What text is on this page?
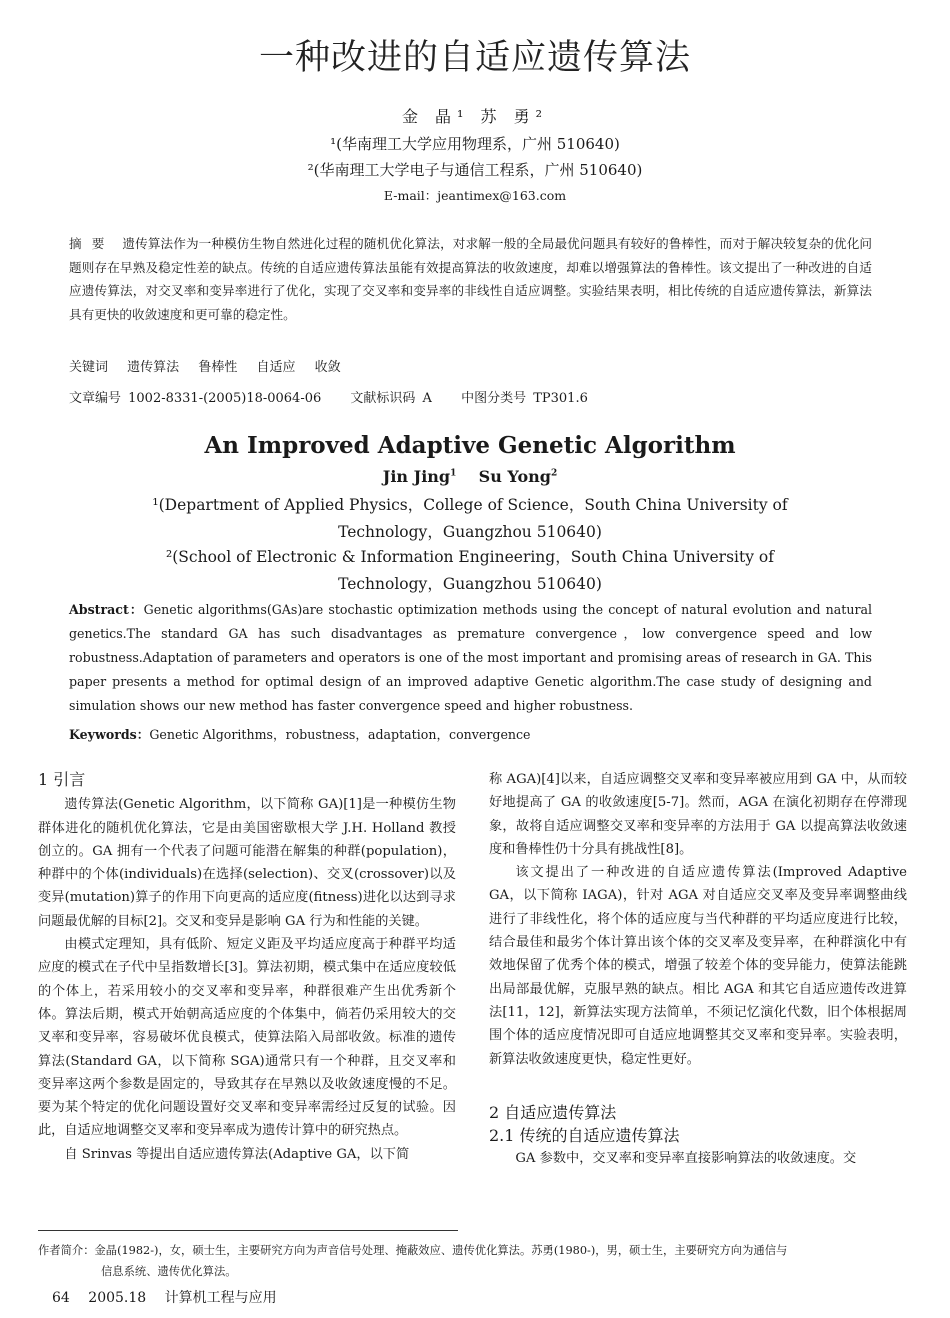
一种改进的自适应遗传算法
金 晶¹ 苏 勇²
¹(华南理工大学应用物理系，广州 510640)
²(华南理工大学电子与通信工程系，广州 510640)
E-mail：jeantimex@163.com
摘要 遗传算法作为一种模仿生物自然进化过程的随机优化算法，对求解一般的全局最优问题具有较好的鲁棒性，而对于解决较复杂的优化问题则存在早熟及稳定性差的缺点。传统的自适应遗传算法虽能有效提高算法的收敛速度，却难以增强算法的鲁棒性。该文提出了一种改进的自适应遗传算法，对交叉率和变异率进行了优化，实现了交叉率和变异率的非线性自适应调整。实验结果表明，相比传统的自适应遗传算法，新算法具有更快的收敛速度和更可靠的稳定性。
关键词 遗传算法 鲁棒性 自适应 收敛
文章编号 1002-8331-(2005)18-0064-06 文献标识码 A 中图分类号 TP301.6
An Improved Adaptive Genetic Algorithm
Jin Jing$^1$ Su Yong$^2$
¹(Department of Applied Physics，College of Science，South China University of Technology，Guangzhou 510640)
²(School of Electronic & Information Engineering，South China University of Technology，Guangzhou 510640)
Abstract：Genetic algorithms(GAs)are stochastic optimization methods using the concept of natural evolution and natural genetics.The standard GA has such disadvantages as premature convergence，low convergence speed and low robustness.Adaptation of parameters and operators is one of the most important and promising areas of research in GA. This paper presents a method for optimal design of an improved adaptive Genetic algorithm.The case study of designing and simulation shows our new method has faster convergence speed and higher robustness.
Keywords：Genetic Algorithms，robustness，adaptation，convergence
1 引言

遗传算法(Genetic Algorithm，以下简称 GA)[1]是一种模仿生物群体进化的随机优化算法，它是由美国密歇根大学 J.H. Holland 教授创立的。GA 拥有一个代表了问题可能潜在解集的种群(population)，种群中的个体(individuals)在选择(selection)、交叉(crossover)以及变异(mutation)算子的作用下向更高的适应度(fitness)进化以达到寻求问题最优解的目标[2]。交叉和变异是影响 GA 行为和性能的关键。

由模式定理知，具有低阶、短定义距及平均适应度高于种群平均适应度的模式在子代中呈指数增长[3]。算法初期，模式集中在适应度较低的个体上，若采用较小的交叉率和变异率，种群很难产生出优秀新个体。算法后期，模式开始朝高适应度的个体集中，倘若仍采用较大的交叉率和变异率，容易破坏优良模式，使算法陷入局部收敛。标准的遗传算法(Standard GA，以下简称 SGA)通常只有一个种群，且交叉率和变异率这两个参数是固定的，导致其存在早熟以及收敛速度慢的不足。要为某个特定的优化问题设置好交叉率和变异率需经过反复的试验。因此，自适应地调整交叉率和变异率成为遗传计算中的研究热点。

自 Srinvas 等提出自适应遗传算法(Adaptive GA，以下简

称 AGA)[4]以来，自适应调整交叉率和变异率被应用到 GA 中，从而较好地提高了 GA 的收敛速度[5-7]。然而，AGA 在演化初期存在停滞现象，故将自适应调整交叉率和变异率的方法用于 GA 以提高算法收敛速度和鲁棒性仍十分具有挑战性[8]。

该文提出了一种改进的自适应遗传算法(Improved Adaptive GA，以下简称 IAGA)，针对 AGA 对自适应交叉率及变异率调整曲线进行了非线性化，将个体的适应度与当代种群的平均适应度进行比较，结合最佳和最劣个体计算出该个体的交叉率及变异率，在种群演化中有效地保留了优秀个体的模式，增强了较差个体的变异能力，使算法能跳出局部最优解，克服早熟的缺点。相比 AGA 和其它自适应遗传改进算法[11，12]，新算法实现方法简单，不须记忆演化代数，旧个体根据周围个体的适应度情况即可自适应地调整其交叉率和变异率。实验表明，新算法收敛速度更快，稳定性更好。

2 自适应遗传算法
2.1 传统的自适应遗传算法

GA 参数中，交叉率和变异率直接影响算法的收敛速度。交

作者简介：金晶(1982-)，女，硕士生，主要研究方向为声音信号处理、掩蔽效应、遗传优化算法。苏勇(1980-)，男，硕士生，主要研究方向为通信与
信息系统、遗传优化算法。
64 2005.18 计算机工程与应用
